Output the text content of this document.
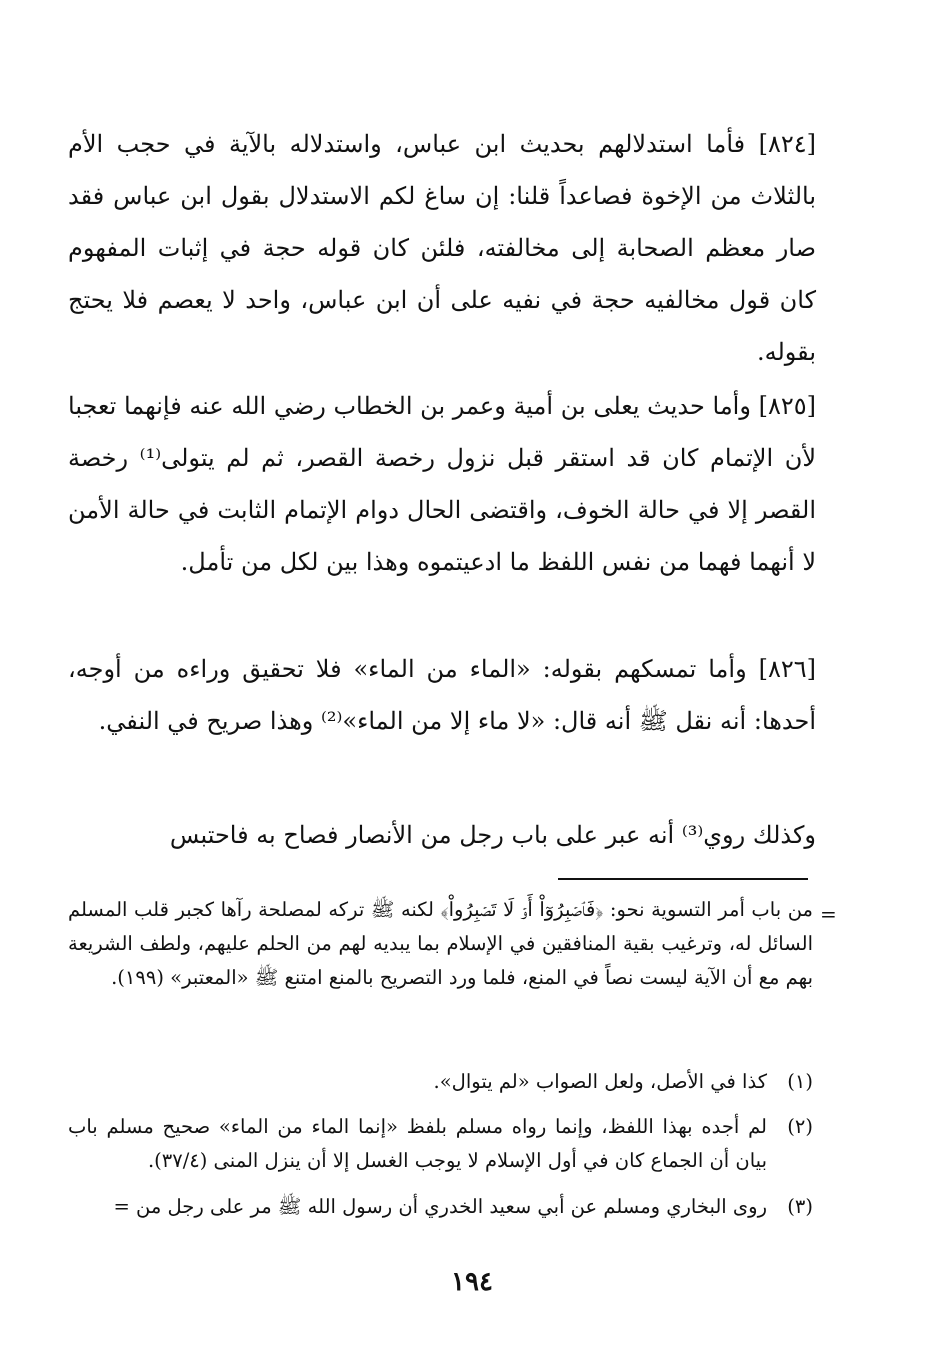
[٨٢٤] فأما استدلالهم بحديث ابن عباس، واستدلاله بالآية في حجب الأم بالثلاث من الإخوة فصاعداً قلنا: إن ساغ لكم الاستدلال بقول ابن عباس فقد صار معظم الصحابة إلى مخالفته، فلئن كان قوله حجة في إثبات المفهوم كان قول مخالفيه حجة في نفيه على أن ابن عباس، واحد لا يعصم فلا يحتج بقوله.

[٨٢٥] وأما حديث يعلى بن أمية وعمر بن الخطاب رضي الله عنه فإنهما تعجبا لأن الإتمام كان قد استقر قبل نزول رخصة القصر، ثم لم يتولى⁽¹⁾ رخصة القصر إلا في حالة الخوف، واقتضى الحال دوام الإتمام الثابت في حالة الأمن لا أنهما فهما من نفس اللفظ ما ادعيتموه وهذا بين لكل من تأمل.

[٨٢٦] وأما تمسكهم بقوله: «الماء من الماء» فلا تحقيق وراءه من أوجه، أحدها: أنه نقل ﷺ أنه قال: «لا ماء إلا من الماء»⁽²⁾ وهذا صريح في النفي.

وكذلك روي⁽³⁾ أنه عبر على باب رجل من الأنصار فصاح به فاحتبس

=

من باب أمر التسوية نحو: ﴿فَٱصۡبِرُوٓاْ أَوۡ لَا تَصۡبِرُواْ﴾ لكنه ﷺ تركه لمصلحة رآها كجبر قلب المسلم السائل له، وترغيب بقية المنافقين في الإسلام بما يبديه لهم من الحلم عليهم، ولطف الشريعة بهم مع أن الآية ليست نصاً في المنع، فلما ورد التصريح بالمنع امتنع ﷺ «المعتبر» (١٩٩).

(١)
كذا في الأصل، ولعل الصواب «لم يتوال».
(٢)
لم أجده بهذا اللفظ، وإنما رواه مسلم بلفظ «إنما الماء من الماء» صحيح مسلم باب بيان أن الجماع كان في أول الإسلام لا يوجب الغسل إلا أن ينزل المنى (٣٧/٤).
(٣)
روى البخاري ومسلم عن أبي سعيد الخدري أن رسول الله ﷺ مر على رجل من =
١٩٤
